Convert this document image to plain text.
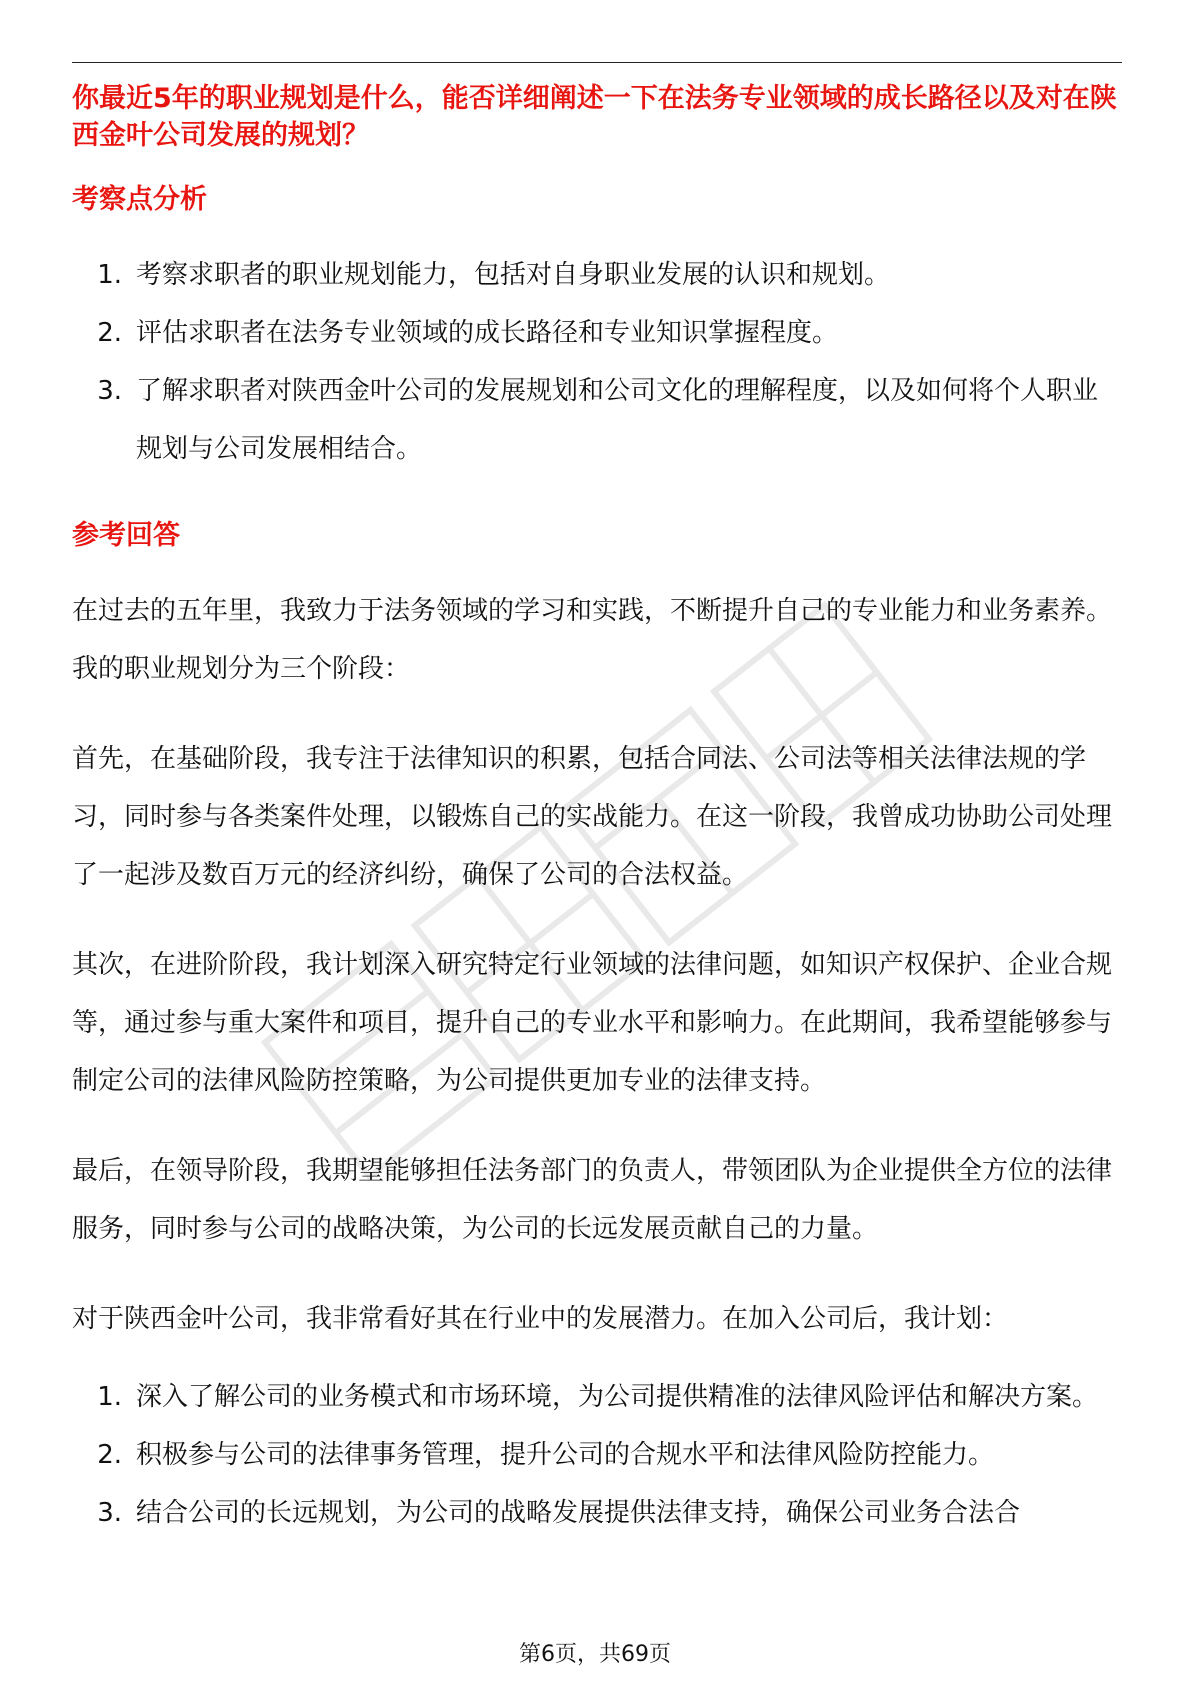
你最近5年的职业规划是什么，能否详细阐述一下在法务专业领域的成长路径以及对在陕西金叶公司发展的规划？
考察点分析
1. 考察求职者的职业规划能力，包括对自身职业发展的认识和规划。
2. 评估求职者在法务专业领域的成长路径和专业知识掌握程度。
3. 了解求职者对陕西金叶公司的发展规划和公司文化的理解程度，以及如何将个人职业规划与公司发展相结合。
参考回答

在过去的五年里，我致力于法务领域的学习和实践，不断提升自己的专业能力和业务素养。我的职业规划分为三个阶段：

首先，在基础阶段，我专注于法律知识的积累，包括合同法、公司法等相关法律法规的学习，同时参与各类案件处理，以锻炼自己的实战能力。在这一阶段，我曾成功协助公司处理了一起涉及数百万元的经济纠纷，确保了公司的合法权益。

其次，在进阶阶段，我计划深入研究特定行业领域的法律问题，如知识产权保护、企业合规等，通过参与重大案件和项目，提升自己的专业水平和影响力。在此期间，我希望能够参与制定公司的法律风险防控策略，为公司提供更加专业的法律支持。

最后，在领导阶段，我期望能够担任法务部门的负责人，带领团队为企业提供全方位的法律服务，同时参与公司的战略决策，为公司的长远发展贡献自己的力量。

对于陕西金叶公司，我非常看好其在行业中的发展潜力。在加入公司后，我计划：

1. 深入了解公司的业务模式和市场环境，为公司提供精准的法律风险评估和解决方案。
2. 积极参与公司的法律事务管理，提升公司的合规水平和法律风险防控能力。
3. 结合公司的长远规划，为公司的战略发展提供法律支持，确保公司业务合法合
第6页，共69页
